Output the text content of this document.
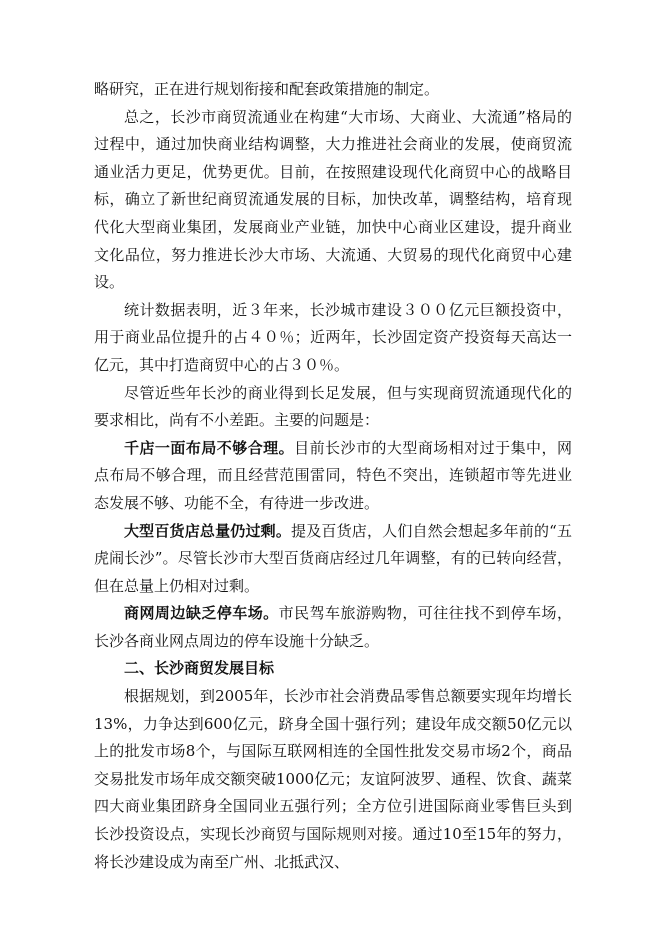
略研究，正在进行规划衔接和配套政策措施的制定。

总之，长沙市商贸流通业在构建“大市场、大商业、大流通”格局的过程中，通过加快商业结构调整，大力推进社会商业的发展，使商贸流通业活力更足，优势更优。目前，在按照建设现代化商贸中心的战略目标，确立了新世纪商贸流通发展的目标，加快改革，调整结构，培育现代化大型商业集团，发展商业产业链，加快中心商业区建设，提升商业文化品位，努力推进长沙大市场、大流通、大贸易的现代化商贸中心建设。

统计数据表明，近３年来，长沙城市建设３００亿元巨额投资中，用于商业品位提升的占４０％；近两年，长沙固定资产投资每天高达一亿元，其中打造商贸中心的占３０％。

尽管近些年长沙的商业得到长足发展，但与实现商贸流通现代化的要求相比，尚有不小差距。主要的问题是：

千店一面布局不够合理。目前长沙市的大型商场相对过于集中，网点布局不够合理，而且经营范围雷同，特色不突出，连锁超市等先进业态发展不够、功能不全，有待进一步改进。

大型百货店总量仍过剩。提及百货店，人们自然会想起多年前的“五虎闹长沙”。尽管长沙市大型百货商店经过几年调整，有的已转向经营，但在总量上仍相对过剩。

商网周边缺乏停车场。市民驾车旅游购物，可往往找不到停车场，长沙各商业网点周边的停车设施十分缺乏。

二、长沙商贸发展目标

根据规划，到2005年，长沙市社会消费品零售总额要实现年均增长13%，力争达到600亿元，跻身全国十强行列；建设年成交额50亿元以上的批发市场8个，与国际互联网相连的全国性批发交易市场2个，商品交易批发市场年成交额突破1000亿元；友谊阿波罗、通程、饮食、蔬菜四大商业集团跻身全国同业五强行列；全方位引进国际商业零售巨头到长沙投资设点，实现长沙商贸与国际规则对接。通过10至15年的努力，将长沙建设成为南至广州、北抵武汉、
